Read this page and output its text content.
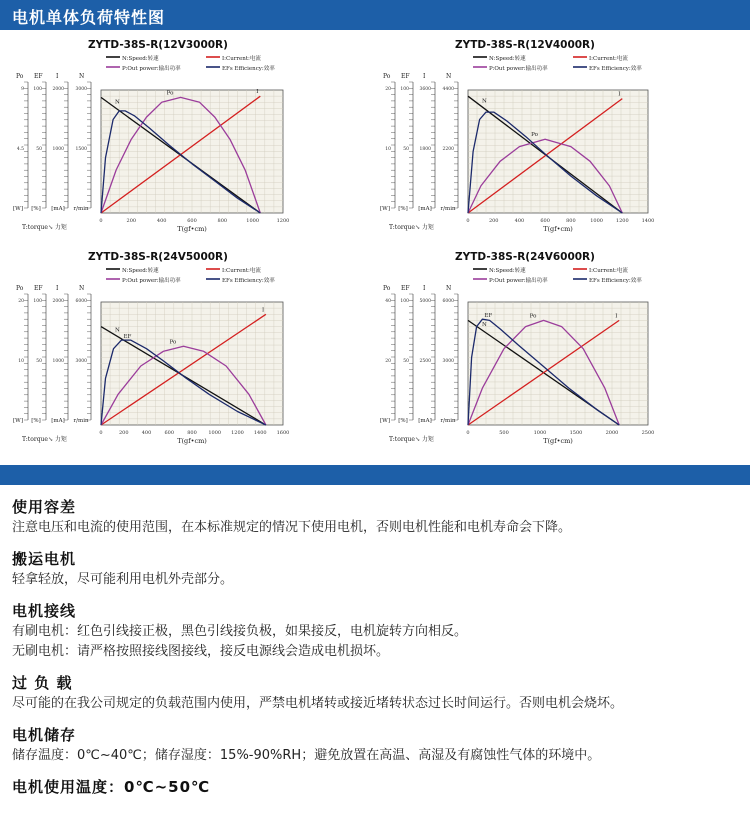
电机单体负荷特性图
ZYTD-38S-R(12V3000R)
N:Speed:转速	I:Current:电流
P:Out power:输出功率	EFs Efficiency:效率
Po
9
4.5
[W]
EF
100
50
[%]
I
2000
1000
[mA]
N
3000
1500
r/min
T:torque↘ 力矩
0	200	400	600	800	1000	1200
T(gf•cm)
N
Po	I
ZYTD-38S-R(12V4000R)
N:Speed:转速	I:Current:电流
P:Out power:输出功率	EFs Efficiency:效率
Po
20
10
[W]
EF
100
50
[%]
I
3600
1800
[mA]
N
4400
2200
r/min
T:torque↘ 力矩
0	200	400	600	800	1000	1200	1400
T(gf•cm)
N
Po
I
ZYTD-38S-R(24V5000R)
N:Speed:转速	I:Current:电流
P:Out power:输出功率	EFs Efficiency:效率
Po
20
10
[W]
EF
100
50
[%]
I
2000
1000
[mA]
N
6000
3000
r/min
T:torque↘ 力矩
0	200	400	600	800 1000 1200 1400 1600
T(gf•cm)
N
EF
Po
I
ZYTD-38S-R(24V6000R)
N:Speed:转速	I:Current:电流
P:Out power:输出功率	EFs Efficiency:效率
Po
40
20
[W]
EF
100
50
[%]
I
5000
2500
[mA]
N
6000
3000
r/min
T:torque↘ 力矩
0	500	1000	1500	2000	2500
T(gf•cm)
N
EF	Po	I
使用容差
注意电压和电流的使用范围，在本标准规定的情况下使用电机，否则电机性能和电机寿命会下降。
搬运电机
轻拿轻放，尽可能利用电机外壳部分。
电机接线
有刷电机：红色引线接正极，黑色引线接负极，如果接反，电机旋转方向相反。
无刷电机：请严格按照接线图接线，接反电源线会造成电机损坏。
过 负 载
尽可能的在我公司规定的负载范围内使用，严禁电机堵转或接近堵转状态过长时间运行。否则电机会烧坏。
电机储存
储存温度：0℃~40℃；储存湿度：15%-90%RH；避免放置在高温、高湿及有腐蚀性气体的环境中。
电机使用温度：0℃~50℃
